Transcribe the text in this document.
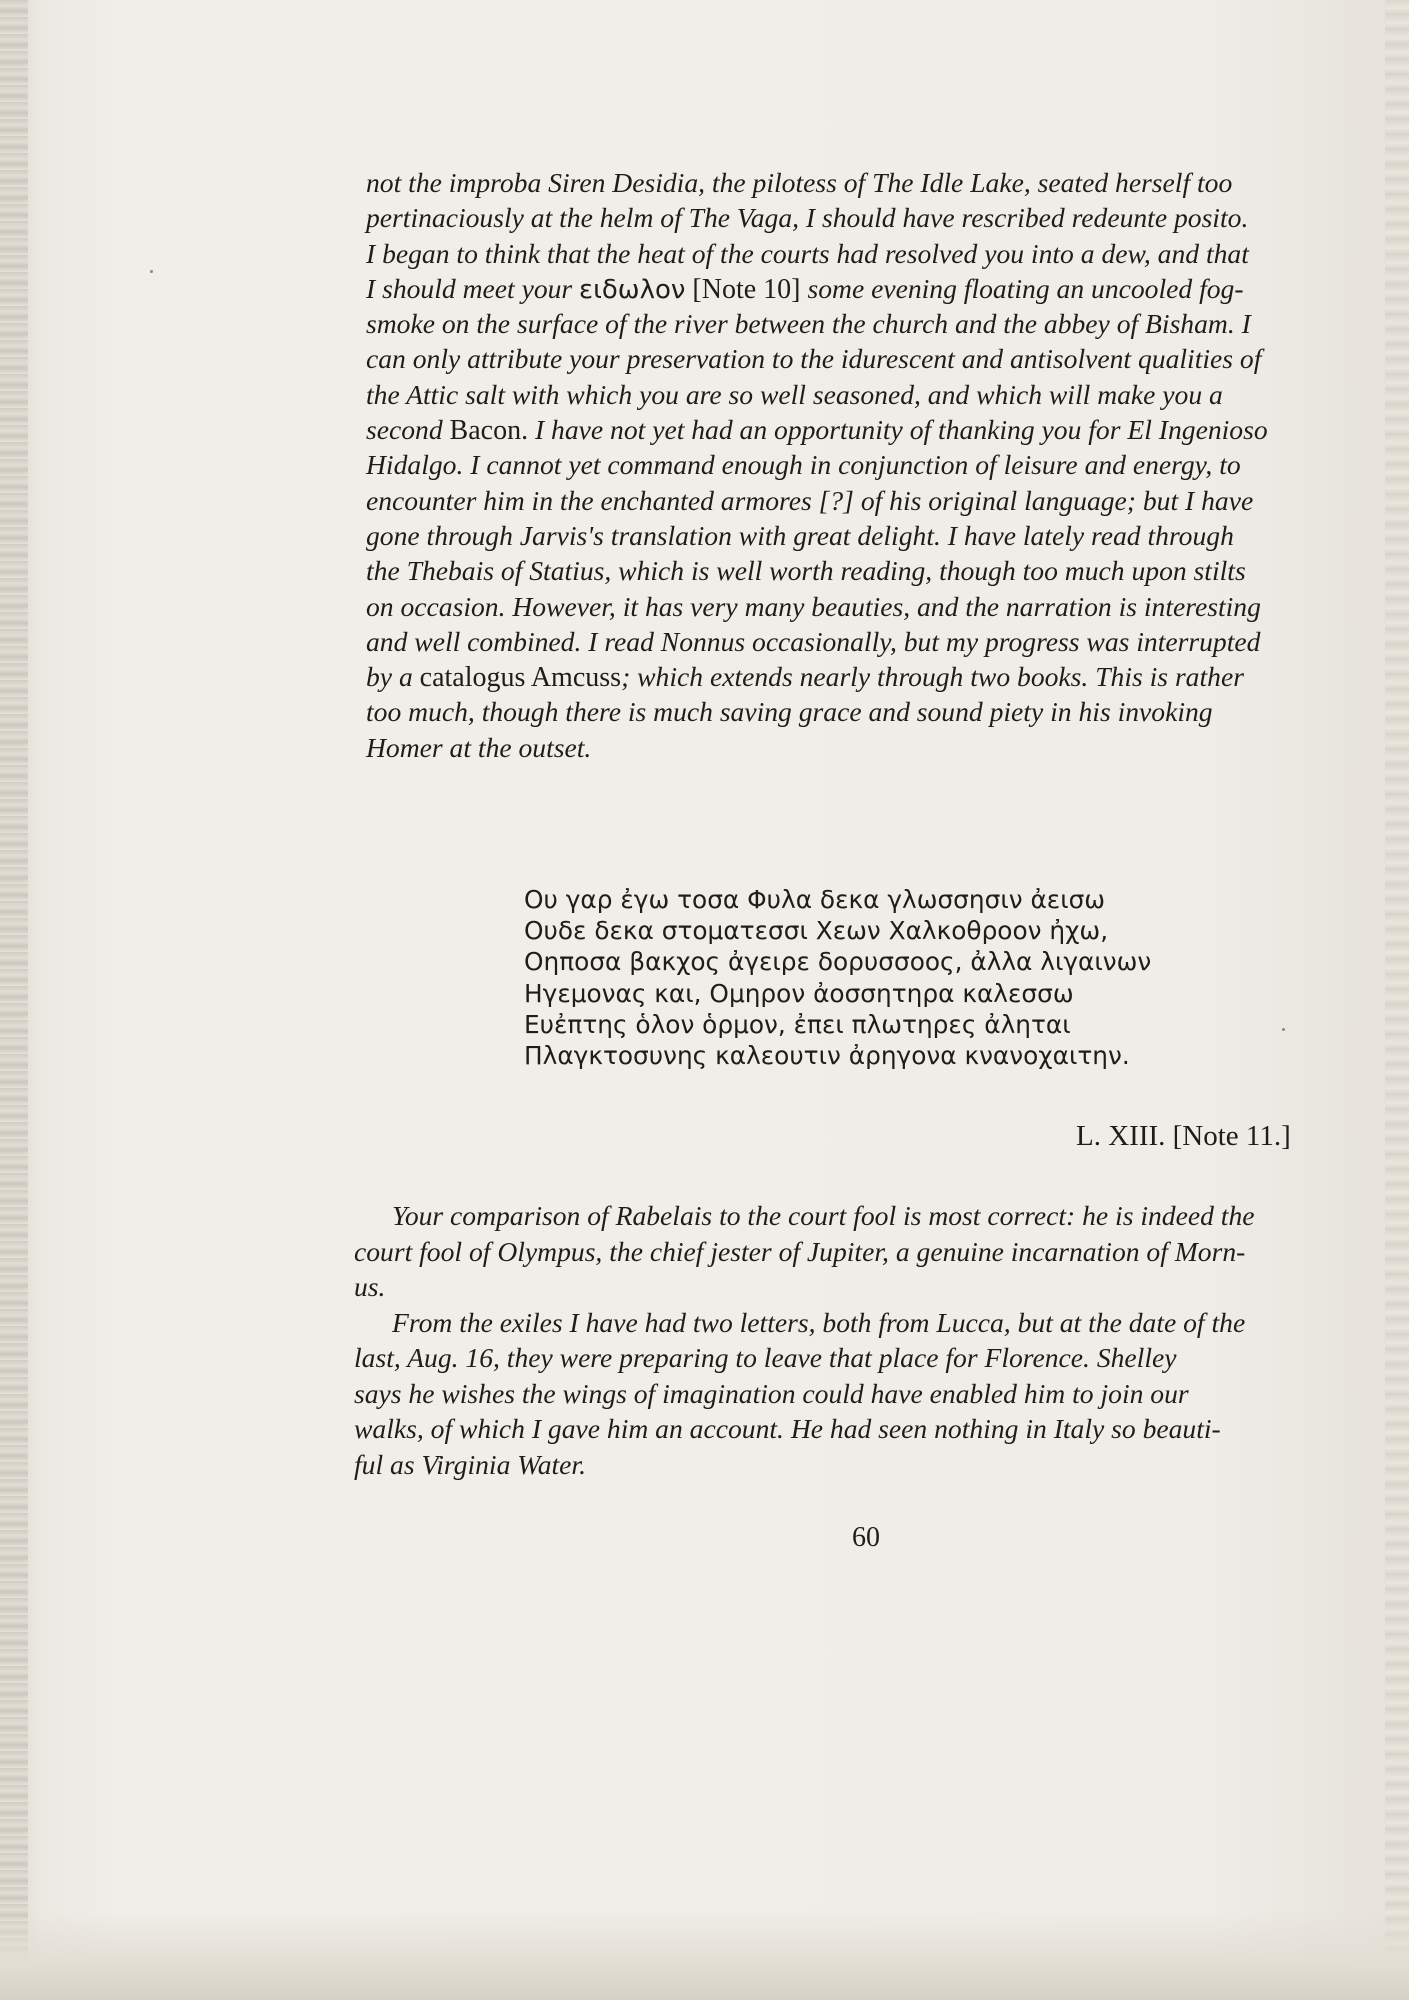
not the improba Siren Desidia, the pilotess of The Idle Lake, seated herself too
pertinaciously at the helm of The Vaga, I should have rescribed redeunte posito.
I began to think that the heat of the courts had resolved you into a dew, and that
I should meet your ειδωλον [Note 10] some evening floating an uncooled fog-
smoke on the surface of the river between the church and the abbey of Bisham. I
can only attribute your preservation to the idurescent and antisolvent qualities of
the Attic salt with which you are so well seasoned, and which will make you a
second Bacon. I have not yet had an opportunity of thanking you for El Ingenioso
Hidalgo. I cannot yet command enough in conjunction of leisure and energy, to
encounter him in the enchanted armores [?] of his original language; but I have
gone through Jarvis's translation with great delight. I have lately read through
the Thebais of Statius, which is well worth reading, though too much upon stilts
on occasion. However, it has very many beauties, and the narration is interesting
and well combined. I read Nonnus occasionally, but my progress was interrupted
by a catalogus Amcuss; which extends nearly through two books. This is rather
too much, though there is much saving grace and sound piety in his invoking
Homer at the outset.
Ου γαρ ἐγω τοσα Φυλα δεκα γλωσσησιν ἀεισω
Ουδε δεκα στοματεσσι Χεων Χαλκοθροον ἠχω,
Οηποσα βακχος ἀγειρε δορυσσοος, ἀλλα λιγαινων
Ηγεμονας και, Ομηρον ἀοσσητηρα καλεσσω
Ευἐπτης ὁλον ὁρμον, ἐπει πλωτηρες ἀληται
Πλαγκτοσυνης καλεουτιν ἀρηγονα κνανοχαιτην.
L. XIII. [Note 11.]
Your comparison of Rabelais to the court fool is most correct: he is indeed the
court fool of Olympus, the chief jester of Jupiter, a genuine incarnation of Morn-
us.
From the exiles I have had two letters, both from Lucca, but at the date of the
last, Aug. 16, they were preparing to leave that place for Florence. Shelley
says he wishes the wings of imagination could have enabled him to join our
walks, of which I gave him an account. He had seen nothing in Italy so beauti-
ful as Virginia Water.
60
